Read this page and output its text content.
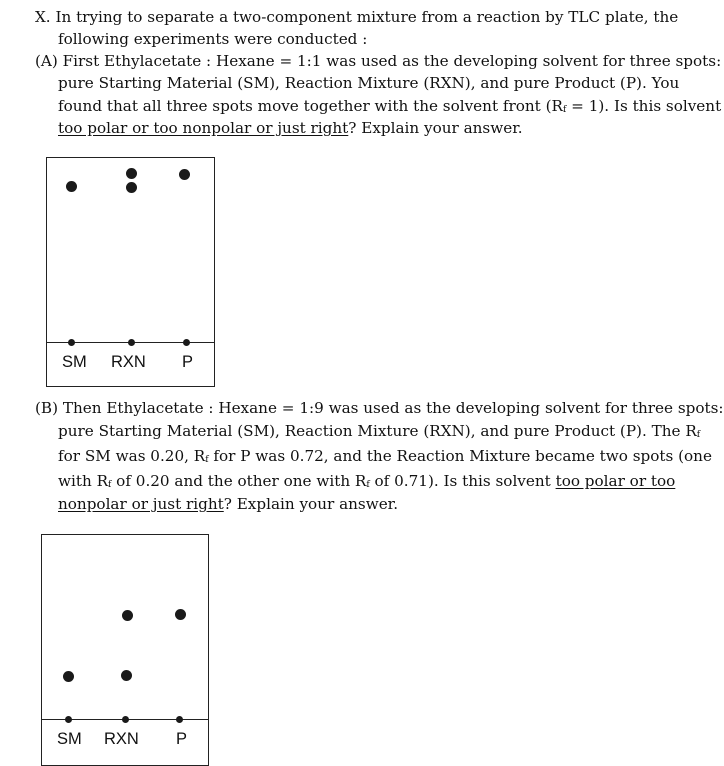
X. In trying to separate a two-component mixture from a reaction by TLC plate, the
following experiments were conducted :
(A) First Ethylacetate : Hexane = 1:1 was used as the developing solvent for three spots:
pure Starting Material (SM), Reaction Mixture (RXN), and pure Product (P). You
found that all three spots move together with the solvent front $(R_f = 1)$. Is this solvent
too polar or too nonpolar or just right? Explain your answer.
SM RXN P
(B) Then Ethylacetate : Hexane = 1:9 was used as the developing solvent for three spots:
pure Starting Material (SM), Reaction Mixture (RXN), and pure Product (P). The $R_f$
for SM was 0.20, $R_f$ for P was 0.72, and the Reaction Mixture became two spots (one
with $R_f$ of 0.20 and the other one with $R_f$ of 0.71). Is this solvent too polar or too
nonpolar or just right? Explain your answer.
SM RXN P
